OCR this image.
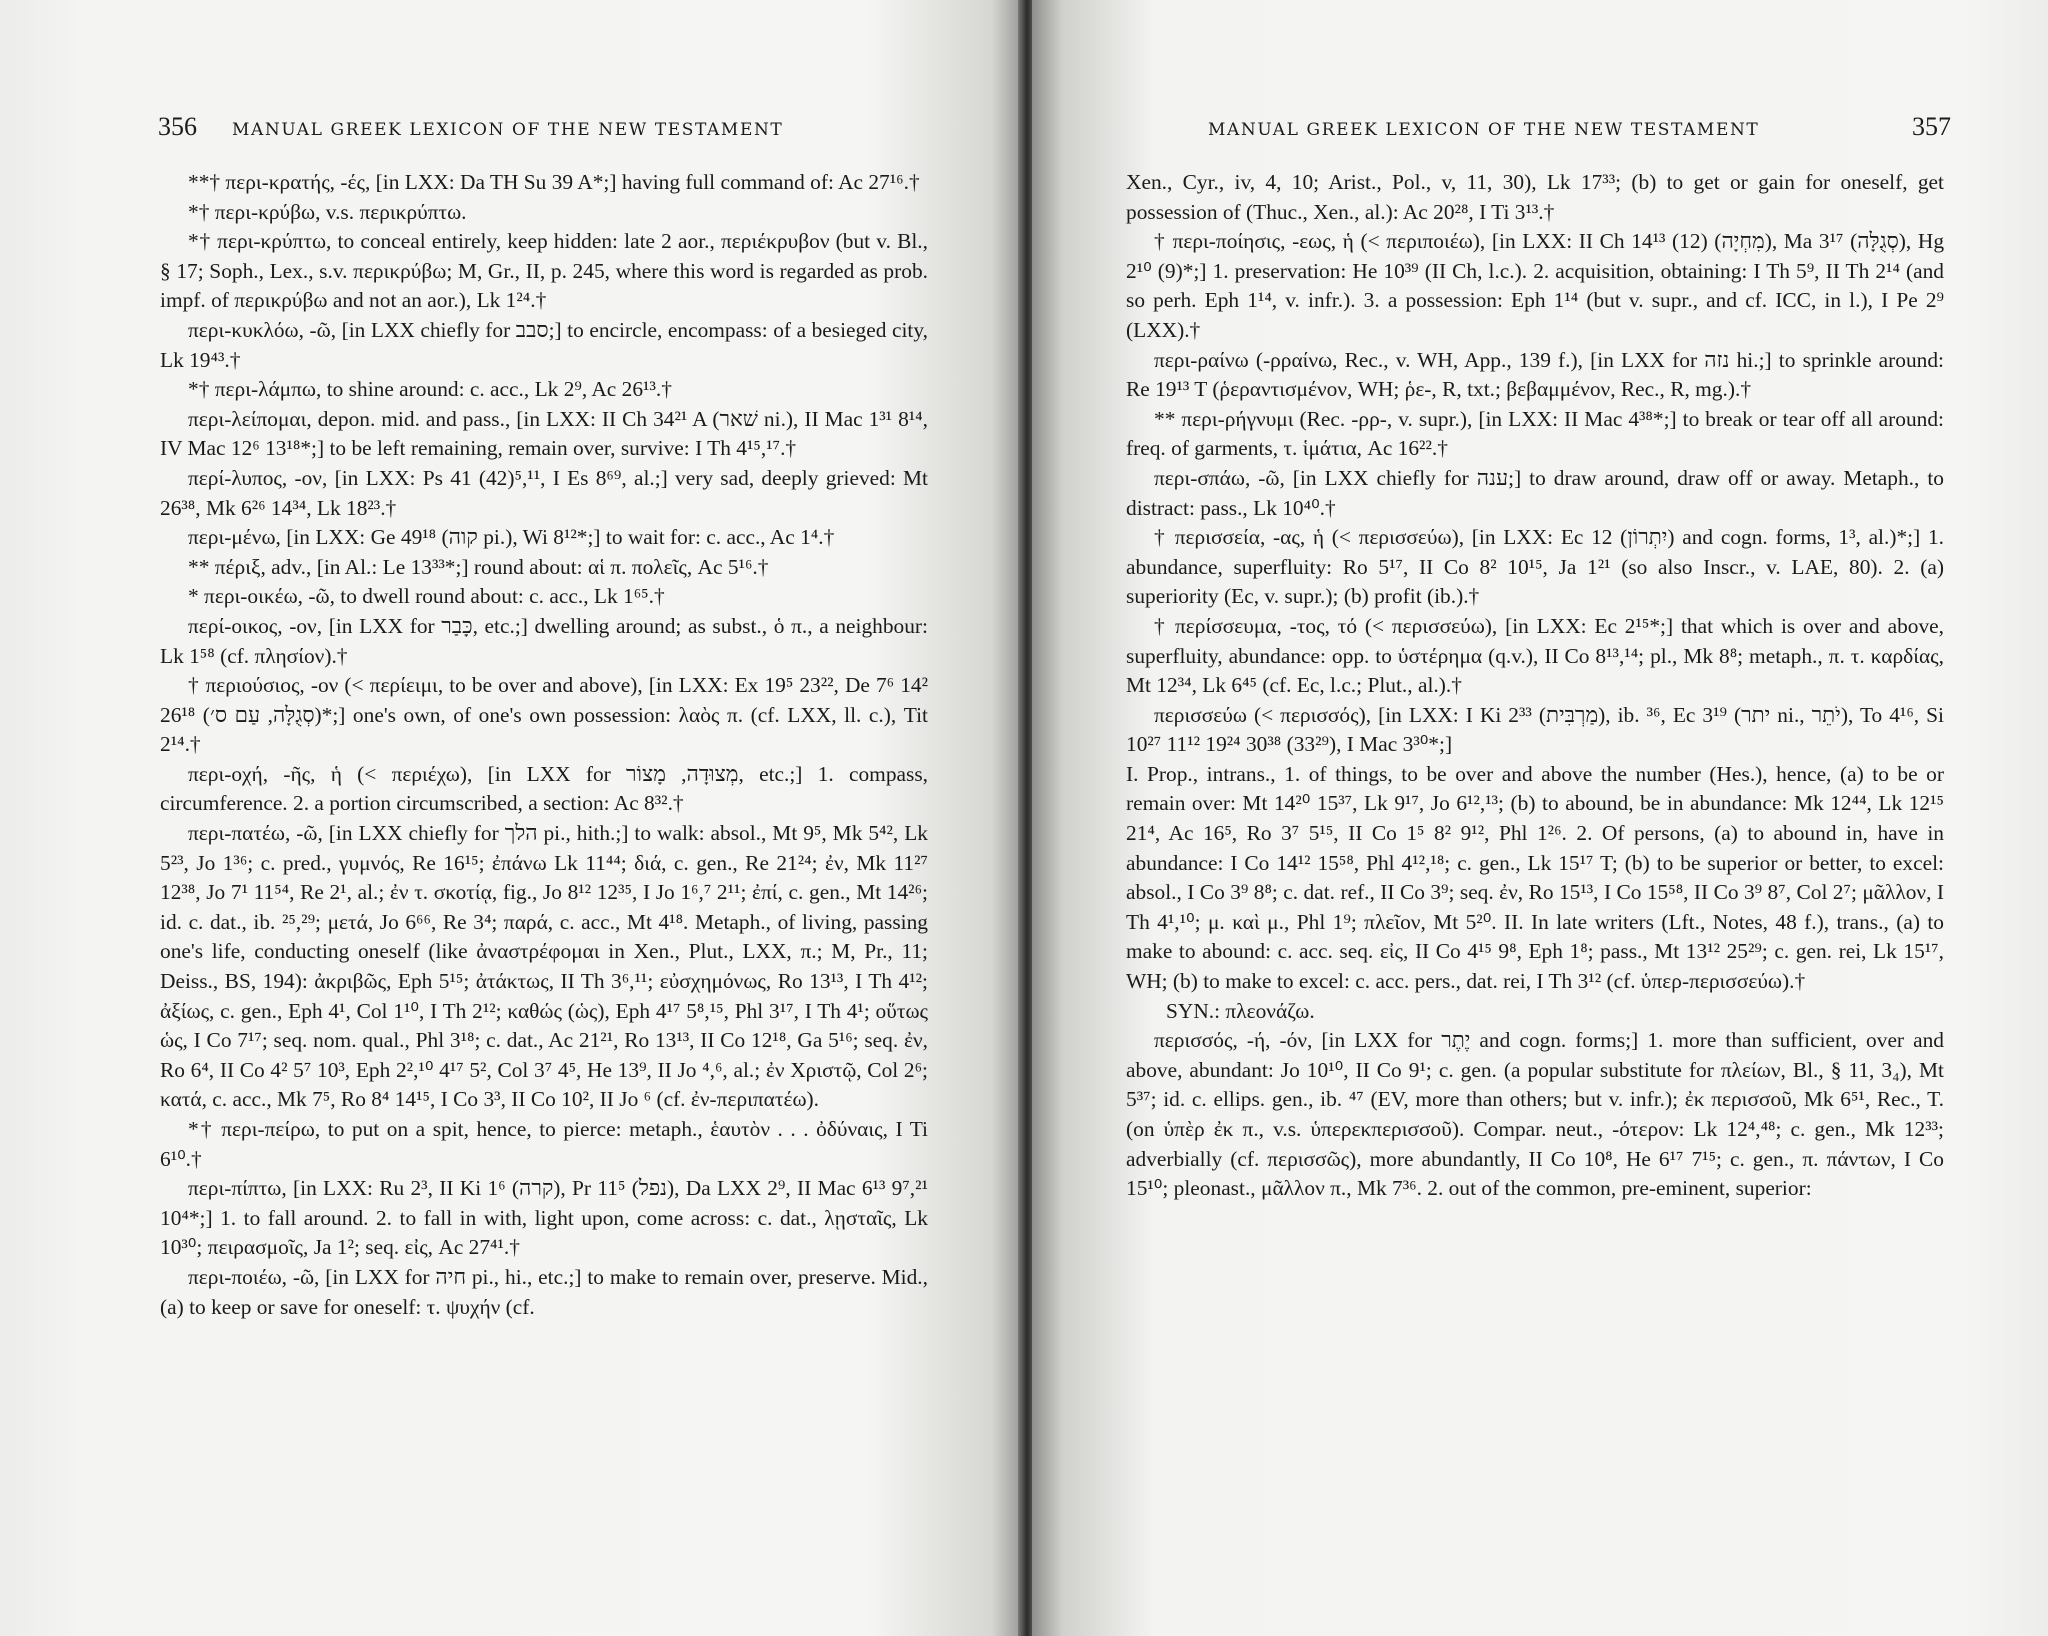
356 MANUAL GREEK LEXICON OF THE NEW TESTAMENT

**† περι-κρατής, -ές, [in LXX: Da TH Su 39 A*;] having full command of: Ac 27¹⁶.†

*† περι-κρύβω, v.s. περικρύπτω.

*† περι-κρύπτω, to conceal entirely, keep hidden: late 2 aor., περιέκρυβον (but v. Bl., § 17; Soph., Lex., s.v. περικρύβω; M, Gr., II, p. 245, where this word is regarded as prob. impf. of περικρύβω and not an aor.), Lk 1²⁴.†

περι-κυκλόω, -ῶ, [in LXX chiefly for סבב;] to encircle, encompass: of a besieged city, Lk 19⁴³.†

*† περι-λάμπω, to shine around: c. acc., Lk 2⁹, Ac 26¹³.†

περι-λείπομαι, depon. mid. and pass., [in LXX: II Ch 34²¹ A (שׁאר ni.), II Mac 1³¹ 8¹⁴, IV Mac 12⁶ 13¹⁸*;] to be left remaining, remain over, survive: I Th 4¹⁵,¹⁷.†

περί-λυπος, -ον, [in LXX: Ps 41 (42)⁵,¹¹, I Es 8⁶⁹, al.;] very sad, deeply grieved: Mt 26³⁸, Mk 6²⁶ 14³⁴, Lk 18²³.†

περι-μένω, [in LXX: Ge 49¹⁸ (קוה pi.), Wi 8¹²*;] to wait for: c. acc., Ac 1⁴.†

** πέριξ, adv., [in Al.: Le 13³³*;] round about: αἱ π. πολεῖς, Ac 5¹⁶.†

* περι-οικέω, -ῶ, to dwell round about: c. acc., Lk 1⁶⁵.†

περί-οικος, -ον, [in LXX for כָּבַר, etc.;] dwelling around; as subst., ὁ π., a neighbour: Lk 1⁵⁸ (cf. πλησίον).†

† περιούσιος, -ον (< περίειμι, to be over and above), [in LXX: Ex 19⁵ 23²², De 7⁶ 14² 26¹⁸ (סְגֻלָּה, עַם ס׳)*;] one's own, of one's own possession: λαὸς π. (cf. LXX, ll. c.), Tit 2¹⁴.†

περι-οχή, -ῆς, ἡ (< περιέχω), [in LXX for מְצוּדָה, מָצוֹר, etc.;] 1. compass, circumference. 2. a portion circumscribed, a section: Ac 8³².†

περι-πατέω, -ῶ, [in LXX chiefly for הלך pi., hith.;] to walk: absol., Mt 9⁵, Mk 5⁴², Lk 5²³, Jo 1³⁶; c. pred., γυμνός, Re 16¹⁵; ἐπάνω Lk 11⁴⁴; διά, c. gen., Re 21²⁴; ἐν, Mk 11²⁷ 12³⁸, Jo 7¹ 11⁵⁴, Re 2¹, al.; ἐν τ. σκοτίᾳ, fig., Jo 8¹² 12³⁵, I Jo 1⁶,⁷ 2¹¹; ἐπί, c. gen., Mt 14²⁶; id. c. dat., ib. ²⁵,²⁹; μετά, Jo 6⁶⁶, Re 3⁴; παρά, c. acc., Mt 4¹⁸. Metaph., of living, passing one's life, conducting oneself (like ἀναστρέφομαι in Xen., Plut., LXX, π.; M, Pr., 11; Deiss., BS, 194): ἀκριβῶς, Eph 5¹⁵; ἀτάκτως, II Th 3⁶,¹¹; εὐσχημόνως, Ro 13¹³, I Th 4¹²; ἀξίως, c. gen., Eph 4¹, Col 1¹⁰, I Th 2¹²; καθώς (ὡς), Eph 4¹⁷ 5⁸,¹⁵, Phl 3¹⁷, I Th 4¹; οὕτως ὡς, I Co 7¹⁷; seq. nom. qual., Phl 3¹⁸; c. dat., Ac 21²¹, Ro 13¹³, II Co 12¹⁸, Ga 5¹⁶; seq. ἐν, Ro 6⁴, II Co 4² 5⁷ 10³, Eph 2²,¹⁰ 4¹⁷ 5², Col 3⁷ 4⁵, He 13⁹, II Jo ⁴,⁶, al.; ἐν Χριστῷ, Col 2⁶; κατά, c. acc., Mk 7⁵, Ro 8⁴ 14¹⁵, I Co 3³, II Co 10², II Jo ⁶ (cf. ἐν-περιπατέω).

*† περι-πείρω, to put on a spit, hence, to pierce: metaph., ἑαυτὸν . . . ὀδύναις, I Ti 6¹⁰.†

περι-πίπτω, [in LXX: Ru 2³, II Ki 1⁶ (קרה), Pr 11⁵ (נפל), Da LXX 2⁹, II Mac 6¹³ 9⁷,²¹ 10⁴*;] 1. to fall around. 2. to fall in with, light upon, come across: c. dat., λῃσταῖς, Lk 10³⁰; πειρασμοῖς, Ja 1²; seq. εἰς, Ac 27⁴¹.†

περι-ποιέω, -ῶ, [in LXX for חיה pi., hi., etc.;] to make to remain over, preserve. Mid., (a) to keep or save for oneself: τ. ψυχήν (cf.

MANUAL GREEK LEXICON OF THE NEW TESTAMENT	357

Xen., Cyr., iv, 4, 10; Arist., Pol., v, 11, 30), Lk 17³³; (b) to get or gain for oneself, get possession of (Thuc., Xen., al.): Ac 20²⁸, I Ti 3¹³.†

† περι-ποίησις, -εως, ἡ (< περιποιέω), [in LXX: II Ch 14¹³ (12) (מִחְיָה), Ma 3¹⁷ (סְגֻלָּה), Hg 2¹⁰ (9)*;] 1. preservation: He 10³⁹ (II Ch, l.c.). 2. acquisition, obtaining: I Th 5⁹, II Th 2¹⁴ (and so perh. Eph 1¹⁴, v. infr.). 3. a possession: Eph 1¹⁴ (but v. supr., and cf. ICC, in l.), I Pe 2⁹ (LXX).†

περι-ραίνω (-ρραίνω, Rec., v. WH, App., 139 f.), [in LXX for נזה hi.;] to sprinkle around: Re 19¹³ T (ῥεραντισμένον, WH; ῥε-, R, txt.; βεβαμμένον, Rec., R, mg.).†

** περι-ρήγνυμι (Rec. -ρρ-, v. supr.), [in LXX: II Mac 4³⁸*;] to break or tear off all around: freq. of garments, τ. ἱμάτια, Ac 16²².†

περι-σπάω, -ῶ, [in LXX chiefly for ענה;] to draw around, draw off or away. Metaph., to distract: pass., Lk 10⁴⁰.†

† περισσεία, -ας, ἡ (< περισσεύω), [in LXX: Ec 12 (יִתְרוֹן) and cogn. forms, 1³, al.)*;] 1. abundance, superfluity: Ro 5¹⁷, II Co 8² 10¹⁵, Ja 1²¹ (so also Inscr., v. LAE, 80). 2. (a) superiority (Ec, v. supr.); (b) profit (ib.).†

† περίσσευμα, -τος, τό (< περισσεύω), [in LXX: Ec 2¹⁵*;] that which is over and above, superfluity, abundance: opp. to ὑστέρημα (q.v.), II Co 8¹³,¹⁴; pl., Mk 8⁸; metaph., π. τ. καρδίας, Mt 12³⁴, Lk 6⁴⁵ (cf. Ec, l.c.; Plut., al.).†

περισσεύω (< περισσός), [in LXX: I Ki 2³³ (מַרְבִּית), ib. ³⁶, Ec 3¹⁹ (יתר ni., יֹתֵר), To 4¹⁶, Si 10²⁷ 11¹² 19²⁴ 30³⁸ (33²⁹), I Mac 3³⁰*;]

I. Prop., intrans., 1. of things, to be over and above the number (Hes.), hence, (a) to be or remain over: Mt 14²⁰ 15³⁷, Lk 9¹⁷, Jo 6¹²,¹³; (b) to abound, be in abundance: Mk 12⁴⁴, Lk 12¹⁵ 21⁴, Ac 16⁵, Ro 3⁷ 5¹⁵, II Co 1⁵ 8² 9¹², Phl 1²⁶. 2. Of persons, (a) to abound in, have in abundance: I Co 14¹² 15⁵⁸, Phl 4¹²,¹⁸; c. gen., Lk 15¹⁷ T; (b) to be superior or better, to excel: absol., I Co 3⁹ 8⁸; c. dat. ref., II Co 3⁹; seq. ἐν, Ro 15¹³, I Co 15⁵⁸, II Co 3⁹ 8⁷, Col 2⁷; μᾶλλον, I Th 4¹,¹⁰; μ. καὶ μ., Phl 1⁹; πλεῖον, Mt 5²⁰. II. In late writers (Lft., Notes, 48 f.), trans., (a) to make to abound: c. acc. seq. εἰς, II Co 4¹⁵ 9⁸, Eph 1⁸; pass., Mt 13¹² 25²⁹; c. gen. rei, Lk 15¹⁷, WH; (b) to make to excel: c. acc. pers., dat. rei, I Th 3¹² (cf. ὑπερ-περισσεύω).†

SYN.: πλεονάζω.

περισσός, -ή, -όν, [in LXX for יֶתֶר and cogn. forms;] 1. more than sufficient, over and above, abundant: Jo 10¹⁰, II Co 9¹; c. gen. (a popular substitute for πλείων, Bl., § 11, 3₄), Mt 5³⁷; id. c. ellips. gen., ib. ⁴⁷ (EV, more than others; but v. infr.); ἐκ περισσοῦ, Mk 6⁵¹, Rec., T. (on ὑπὲρ ἐκ π., v.s. ὑπερεκπερισσοῦ). Compar. neut., -ότερον: Lk 12⁴,⁴⁸; c. gen., Mk 12³³; adverbially (cf. περισσῶς), more abundantly, II Co 10⁸, He 6¹⁷ 7¹⁵; c. gen., π. πάντων, I Co 15¹⁰; pleonast., μᾶλλον π., Mk 7³⁶. 2. out of the common, pre-eminent, superior:
